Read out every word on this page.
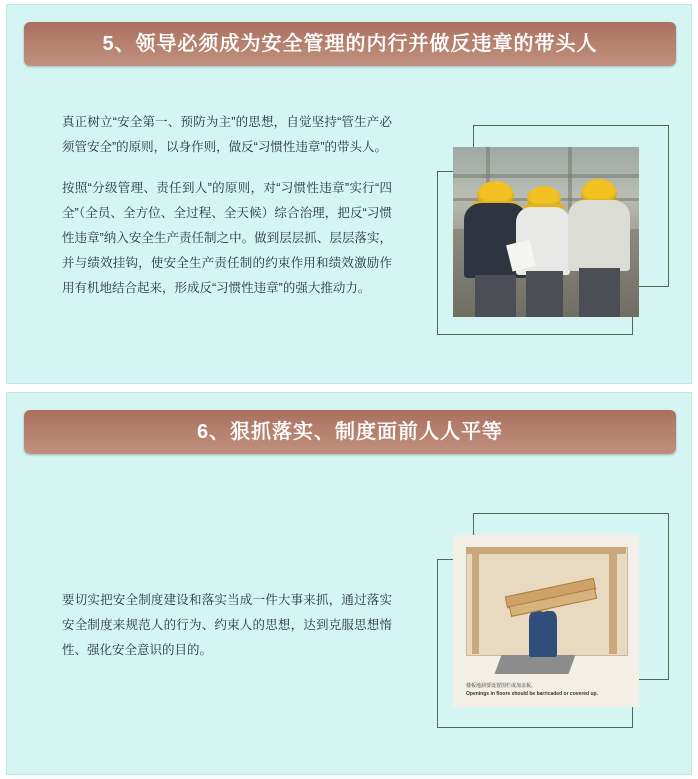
5、领导必须成为安全管理的内行并做反违章的带头人

真正树立“安全第一、预防为主”的思想，自觉坚持“管生产必须管安全”的原则，以身作则，做反“习惯性违章”的带头人。

按照“分级管理、责任到人”的原则，对“习惯性违章”实行“四全”（全员、全方位、全过程、全天候）综合治理，把反“习惯性违章”纳入安全生产责任制之中。做到层层抓、层层落实，并与绩效挂钩，使安全生产责任制的约束作用和绩效激励作用有机地结合起来，形成反“习惯性违章”的强大推动力。

6、狠抓落实、制度面前人人平等

要切实把安全制度建设和落实当成一件大事来抓，通过落实安全制度来规范人的行为、约束人的思想，达到克服思想惰性、强化安全意识的目的。

楼板地洞要设置围栏或加盖板。
Openings in floors should be barricaded or covered up.
